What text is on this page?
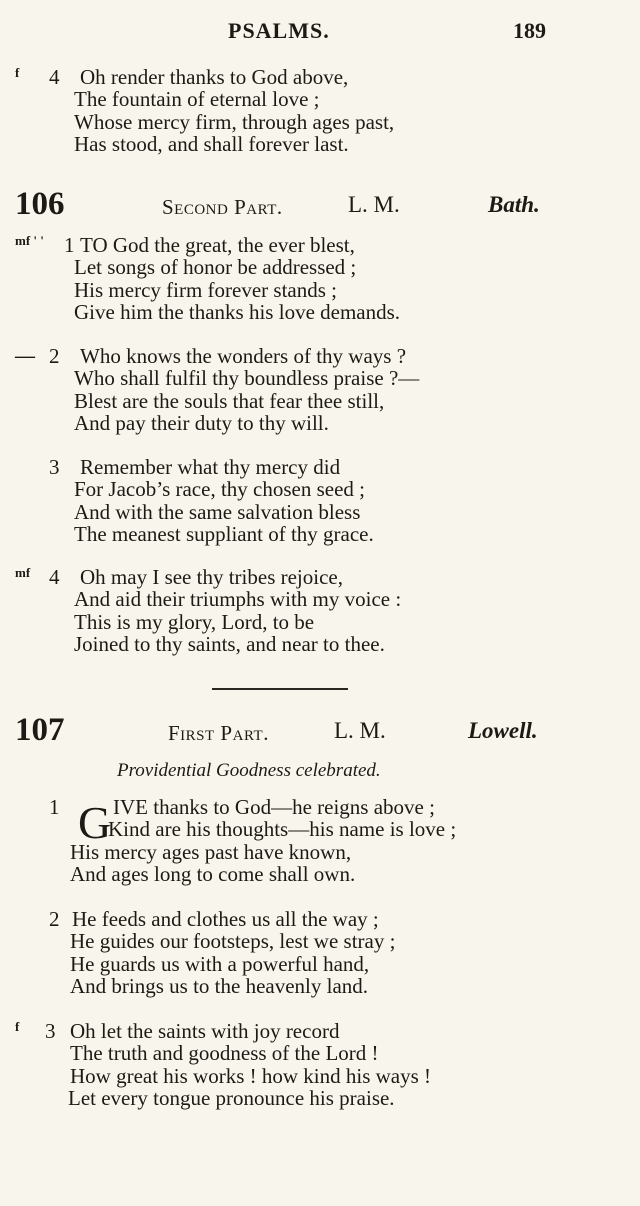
PSALMS.	189
f 4 Oh render thanks to God above,
The fountain of eternal love ;
Whose mercy firm, through ages past,
Has stood, and shall forever last.
106	Second Part.	L. M.	Bath.
mf ' ' 1 TO God the great, the ever blest,
Let songs of honor be addressed ;
His mercy firm forever stands ;
Give him the thanks his love demands.
— 2 Who knows the wonders of thy ways ?
Who shall fulfil thy boundless praise ?—
Blest are the souls that fear thee still,
And pay their duty to thy will.
3 Remember what thy mercy did
For Jacob’s race, thy chosen seed ;
And with the same salvation bless
The meanest suppliant of thy grace.
mf 4 Oh may I see thy tribes rejoice,
And aid their triumphs with my voice :
This is my glory, Lord, to be
Joined to thy saints, and near to thee.
107	First Part.	L. M.	Lowell.
Providential Goodness celebrated.
G
1	IVE thanks to God—he reigns above ;
Kind are his thoughts—his name is love ;
His mercy ages past have known,
And ages long to come shall own.
2 He feeds and clothes us all the way ;
He guides our footsteps, lest we stray ;
He guards us with a powerful hand,
And brings us to the heavenly land.
f 3 Oh let the saints with joy record
The truth and goodness of the Lord !
How great his works ! how kind his ways !
Let every tongue pronounce his praise.
